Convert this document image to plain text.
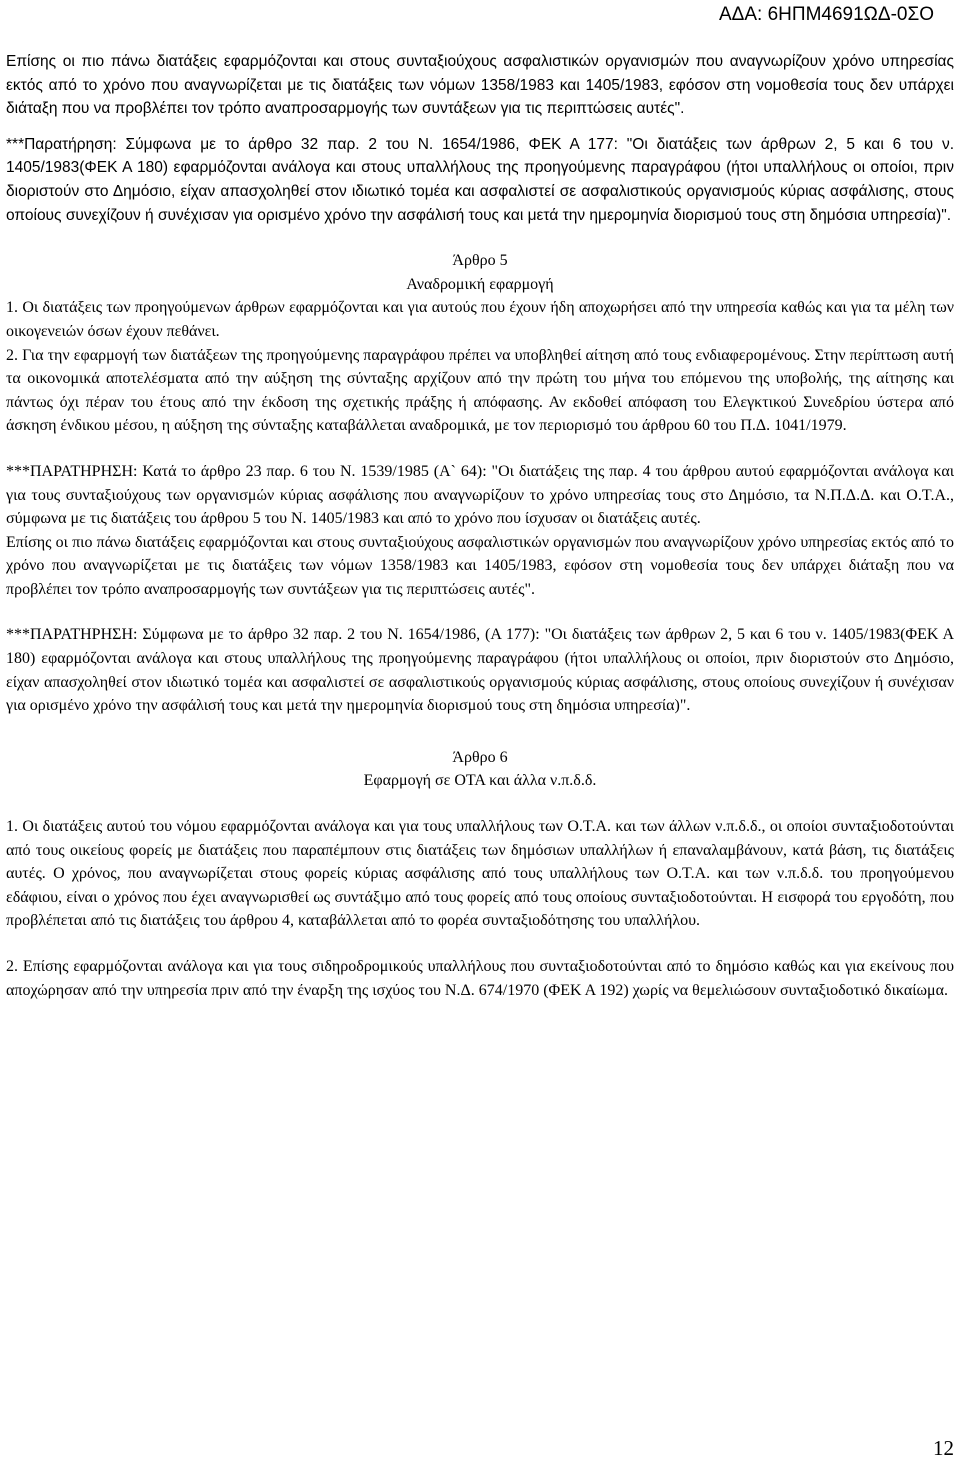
ΑΔΑ: 6ΗΠΜ4691ΩΔ-0ΣΟ

Επίσης οι πιο πάνω διατάξεις εφαρμόζονται και στους συνταξιούχους ασφαλιστικών οργανισμών που αναγνωρίζουν χρόνο υπηρεσίας εκτός από το χρόνο που αναγνωρίζεται με τις διατάξεις των νόμων 1358/1983 και 1405/1983, εφόσον στη νομοθεσία τους δεν υπάρχει διάταξη που να προβλέπει τον τρόπο αναπροσαρμογής των συντάξεων για τις περιπτώσεις αυτές".

***Παρατήρηση: Σύμφωνα με το άρθρο 32 παρ. 2 του Ν. 1654/1986, ΦΕΚ Α 177: "Οι διατάξεις των άρθρων 2, 5 και 6 του ν. 1405/1983(ΦΕΚ Α 180) εφαρμόζονται ανάλογα και στους υπαλλήλους της προηγούμενης παραγράφου (ήτοι υπαλλήλους οι οποίοι, πριν διοριστούν στο Δημόσιο, είχαν απασχοληθεί στον ιδιωτικό τομέα και ασφαλιστεί σε ασφαλιστικούς οργανισμούς κύριας ασφάλισης, στους οποίους συνεχίζουν ή συνέχισαν για ορισμένο χρόνο την ασφάλισή τους και μετά την ημερομηνία διορισμού τους στη δημόσια υπηρεσία)".

Άρθρο 5

Αναδρομική εφαρμογή

1. Οι διατάξεις των προηγούμενων άρθρων εφαρμόζονται και για αυτούς που έχουν ήδη αποχωρήσει από την υπηρεσία καθώς και για τα μέλη των οικογενειών όσων έχουν πεθάνει.

2. Για την εφαρμογή των διατάξεων της προηγούμενης παραγράφου πρέπει να υποβληθεί αίτηση από τους ενδιαφερομένους. Στην περίπτωση αυτή τα οικονομικά αποτελέσματα από την αύξηση της σύνταξης αρχίζουν από την πρώτη του μήνα του επόμενου της υποβολής, της αίτησης και πάντως όχι πέραν του έτους από την έκδοση της σχετικής πράξης ή απόφασης. Αν εκδοθεί απόφαση του Ελεγκτικού Συνεδρίου ύστερα από άσκηση ένδικου μέσου, η αύξηση της σύνταξης καταβάλλεται αναδρομικά, με τον περιορισμό του άρθρου 60 του Π.Δ. 1041/1979.

***ΠΑΡΑΤΗΡΗΣΗ: Κατά το άρθρο 23 παρ. 6 του Ν. 1539/1985 (Α` 64): "Οι διατάξεις της παρ. 4 του άρθρου αυτού εφαρμόζονται ανάλογα και για τους συνταξιούχους των οργανισμών κύριας ασφάλισης που αναγνωρίζουν το χρόνο υπηρεσίας τους στο Δημόσιο, τα Ν.Π.Δ.Δ. και Ο.Τ.Α., σύμφωνα με τις διατάξεις του άρθρου 5 του Ν. 1405/1983 και από το χρόνο που ίσχυσαν οι διατάξεις αυτές.

Επίσης οι πιο πάνω διατάξεις εφαρμόζονται και στους συνταξιούχους ασφαλιστικών οργανισμών που αναγνωρίζουν χρόνο υπηρεσίας εκτός από το χρόνο που αναγνωρίζεται με τις διατάξεις των νόμων 1358/1983 και 1405/1983, εφόσον στη νομοθεσία τους δεν υπάρχει διάταξη που να προβλέπει τον τρόπο αναπροσαρμογής των συντάξεων για τις περιπτώσεις αυτές".

***ΠΑΡΑΤΗΡΗΣΗ: Σύμφωνα με το άρθρο 32 παρ. 2 του Ν. 1654/1986, (Α 177): "Οι διατάξεις των άρθρων 2, 5 και 6 του ν. 1405/1983(ΦΕΚ Α 180) εφαρμόζονται ανάλογα και στους υπαλλήλους της προηγούμενης παραγράφου (ήτοι υπαλλήλους οι οποίοι, πριν διοριστούν στο Δημόσιο, είχαν απασχοληθεί στον ιδιωτικό τομέα και ασφαλιστεί σε ασφαλιστικούς οργανισμούς κύριας ασφάλισης, στους οποίους συνεχίζουν ή συνέχισαν για ορισμένο χρόνο την ασφάλισή τους και μετά την ημερομηνία διορισμού τους στη δημόσια υπηρεσία)".

Άρθρο 6

Εφαρμογή σε ΟΤΑ και άλλα ν.π.δ.δ.

1. Οι διατάξεις αυτού του νόμου εφαρμόζονται ανάλογα και για τους υπαλλήλους των Ο.Τ.Α. και των άλλων ν.π.δ.δ., οι οποίοι συνταξιοδοτούνται από τους οικείους φορείς με διατάξεις που παραπέμπουν στις διατάξεις των δημόσιων υπαλλήλων ή επαναλαμβάνουν, κατά βάση, τις διατάξεις αυτές. Ο χρόνος, που αναγνωρίζεται στους φορείς κύριας ασφάλισης από τους υπαλλήλους των Ο.Τ.Α. και των ν.π.δ.δ. του προηγούμενου εδάφιου, είναι ο χρόνος που έχει αναγνωρισθεί ως συντάξιμο από τους φορείς από τους οποίους συνταξιοδοτούνται. Η εισφορά του εργοδότη, που προβλέπεται από τις διατάξεις του άρθρου 4, καταβάλλεται από το φορέα συνταξιοδότησης του υπαλλήλου.

2. Επίσης εφαρμόζονται ανάλογα και για τους σιδηροδρομικούς υπαλλήλους που συνταξιοδοτούνται από το δημόσιο καθώς και για εκείνους που αποχώρησαν από την υπηρεσία πριν από την έναρξη της ισχύος του Ν.Δ. 674/1970 (ΦΕΚ Α 192) χωρίς να θεμελιώσουν συνταξιοδοτικό δικαίωμα.

12
